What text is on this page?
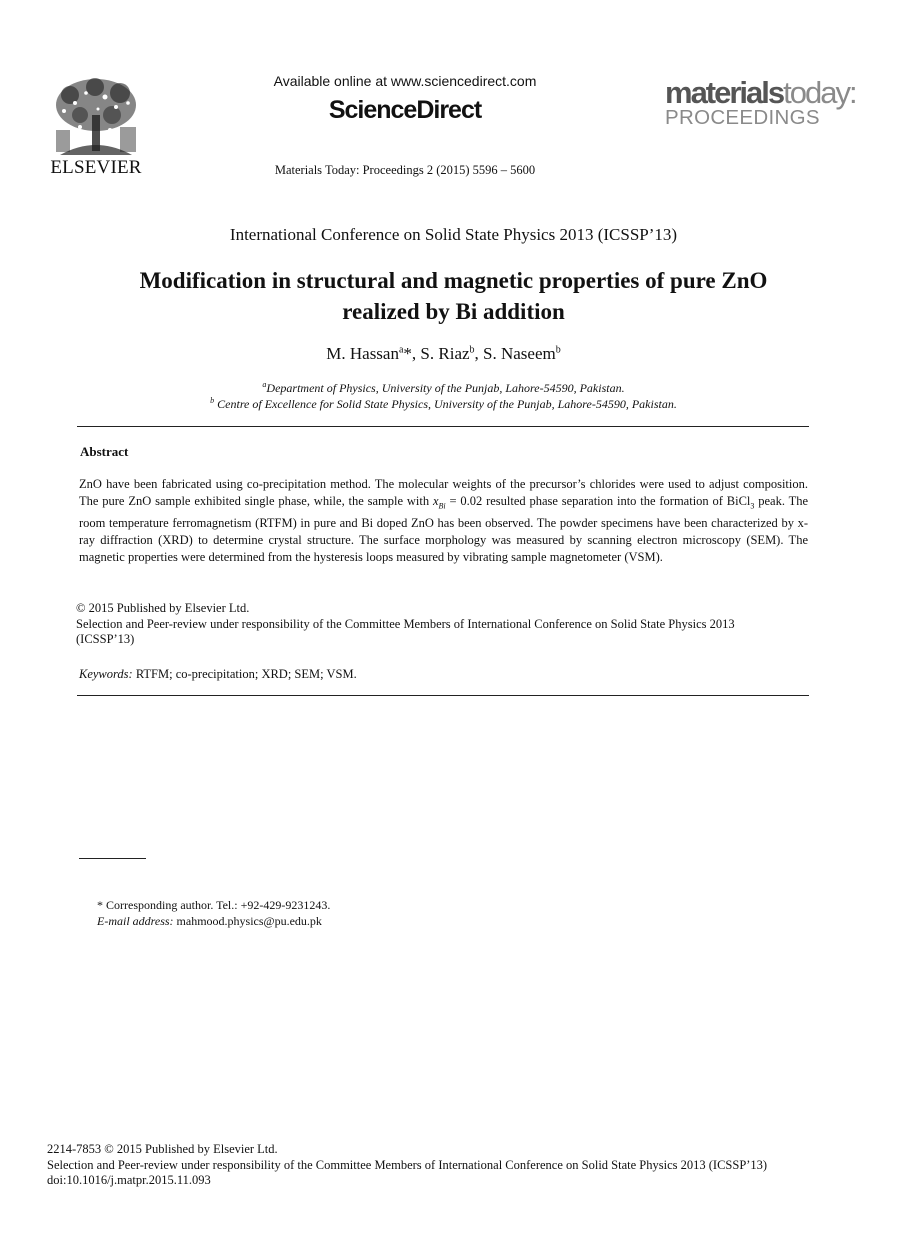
ELSEVIER
Available online at www.sciencedirect.com
ScienceDirect
Materials Today: Proceedings 2 (2015) 5596 – 5600
materialstoday:
PROCEEDINGS
International Conference on Solid State Physics 2013 (ICSSP’13)
Modification in structural and magnetic properties of pure ZnO
realized by Bi addition
M. Hassan$^a$*, S. Riaz$^b$, S. Naseem$^b$
$^a$Department of Physics, University of the Punjab, Lahore-54590, Pakistan.
$^b$ Centre of Excellence for Solid State Physics, University of the Punjab, Lahore-54590, Pakistan.
Abstract
ZnO have been fabricated using co-precipitation method. The molecular weights of the precursor’s chlorides were used to adjust composition. The pure ZnO sample exhibited single phase, while, the sample with $x_{Bi} = 0.02$ resulted phase separation into the formation of BiCl$_3$ peak. The room temperature ferromagnetism (RTFM) in pure and Bi doped ZnO has been observed. The powder specimens have been characterized by x-ray diffraction (XRD) to determine crystal structure. The surface morphology was measured by scanning electron microscopy (SEM). The magnetic properties were determined from the hysteresis loops measured by vibrating sample magnetometer (VSM).
© 2015 Published by Elsevier Ltd.
Selection and Peer-review under responsibility of the Committee Members of International Conference on Solid State Physics 2013 (ICSSP’13)
Keywords: RTFM; co-precipitation; XRD; SEM; VSM.
* Corresponding author. Tel.: +92-429-9231243.
E-mail address: mahmood.physics@pu.edu.pk
2214-7853 © 2015 Published by Elsevier Ltd.
Selection and Peer-review under responsibility of the Committee Members of International Conference on Solid State Physics 2013 (ICSSP’13)
doi:10.1016/j.matpr.2015.11.093
